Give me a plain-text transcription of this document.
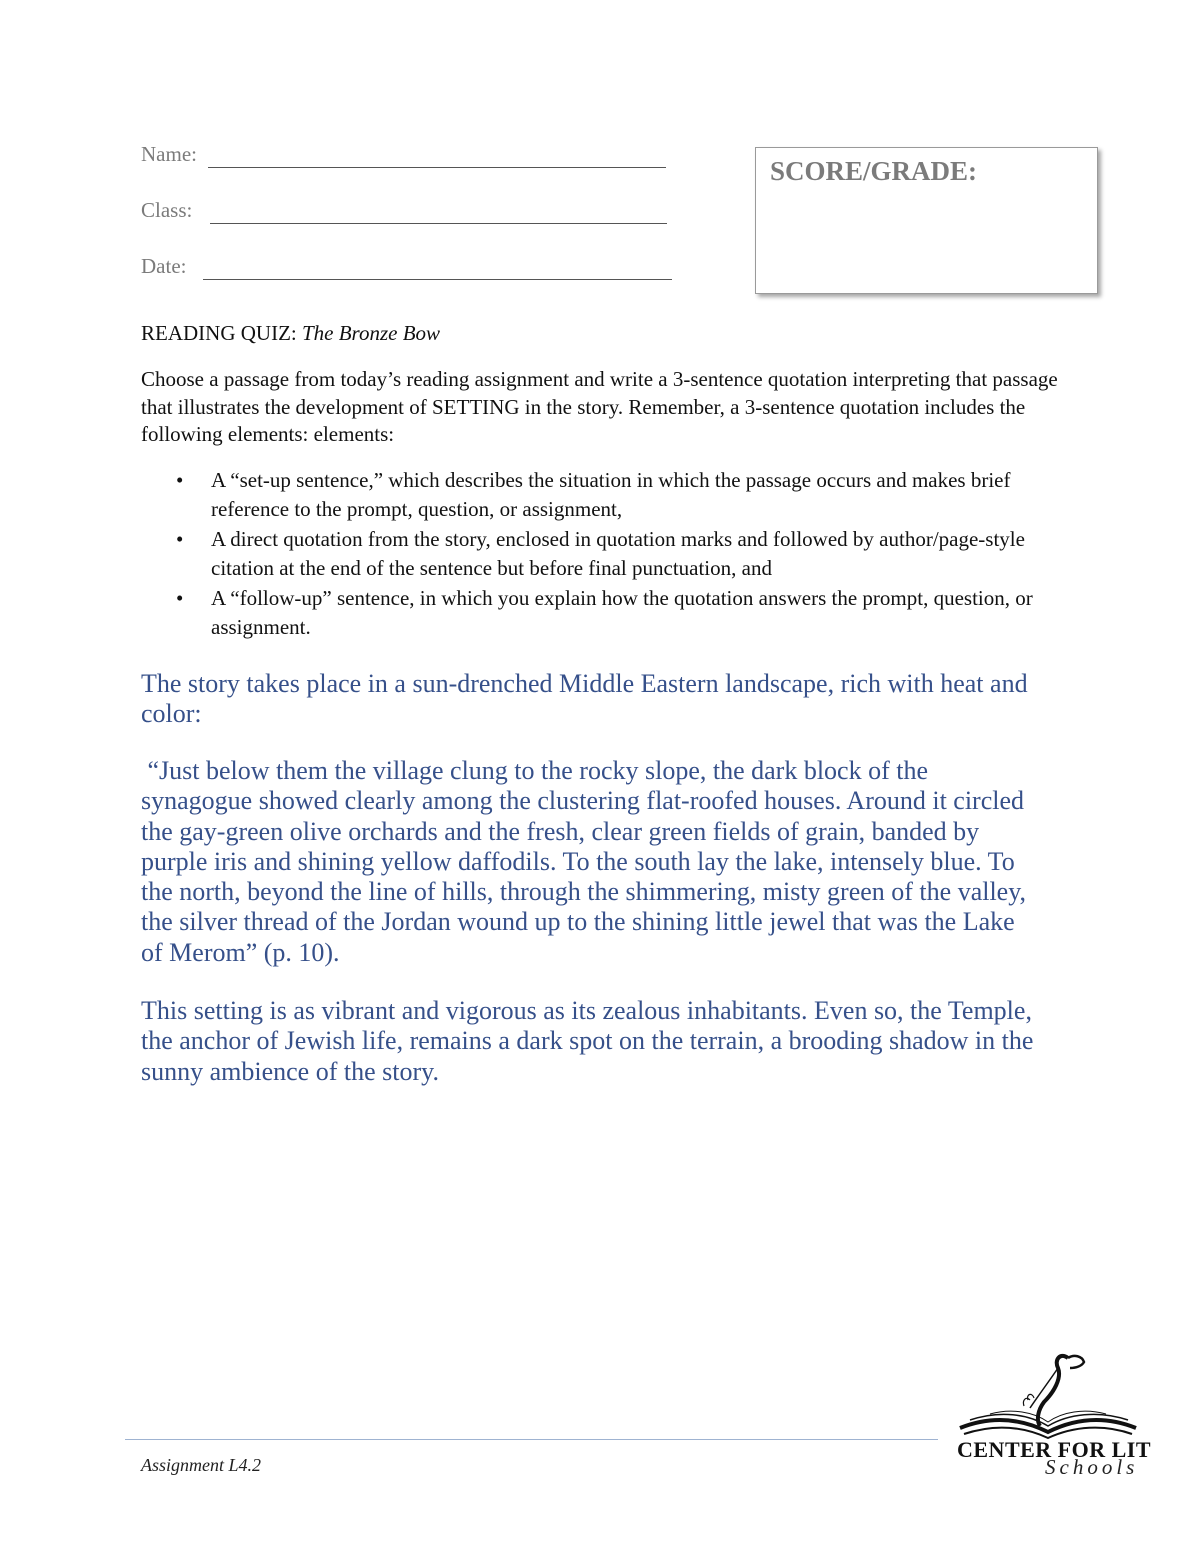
Name:
Class:
Date:
SCORE/GRADE:
READING QUIZ: The Bronze Bow
Choose a passage from today’s reading assignment and write a 3-sentence quotation interpreting that passage that illustrates the development of SETTING in the story. Remember, a 3-sentence quotation includes the following elements: elements:
• A “set-up sentence,” which describes the situation in which the passage occurs and makes brief reference to the prompt, question, or assignment,
• A direct quotation from the story, enclosed in quotation marks and followed by author/page-style citation at the end of the sentence but before final punctuation, and
• A “follow-up” sentence, in which you explain how the quotation answers the prompt, question, or assignment.
The story takes place in a sun-drenched Middle Eastern landscape, rich with heat and color:
“Just below them the village clung to the rocky slope, the dark block of the synagogue showed clearly among the clustering flat-roofed houses. Around it circled the gay-green olive orchards and the fresh, clear green fields of grain, banded by purple iris and shining yellow daffodils. To the south lay the lake, intensely blue. To the north, beyond the line of hills, through the shimmering, misty green of the valley, the silver thread of the Jordan wound up to the shining little jewel that was the Lake of Merom” (p. 10).
This setting is as vibrant and vigorous as its zealous inhabitants. Even so, the Temple, the anchor of Jewish life, remains a dark spot on the terrain, a brooding shadow in the sunny ambience of the story.
Assignment L4.2
CENTER FOR LIT
Schools
